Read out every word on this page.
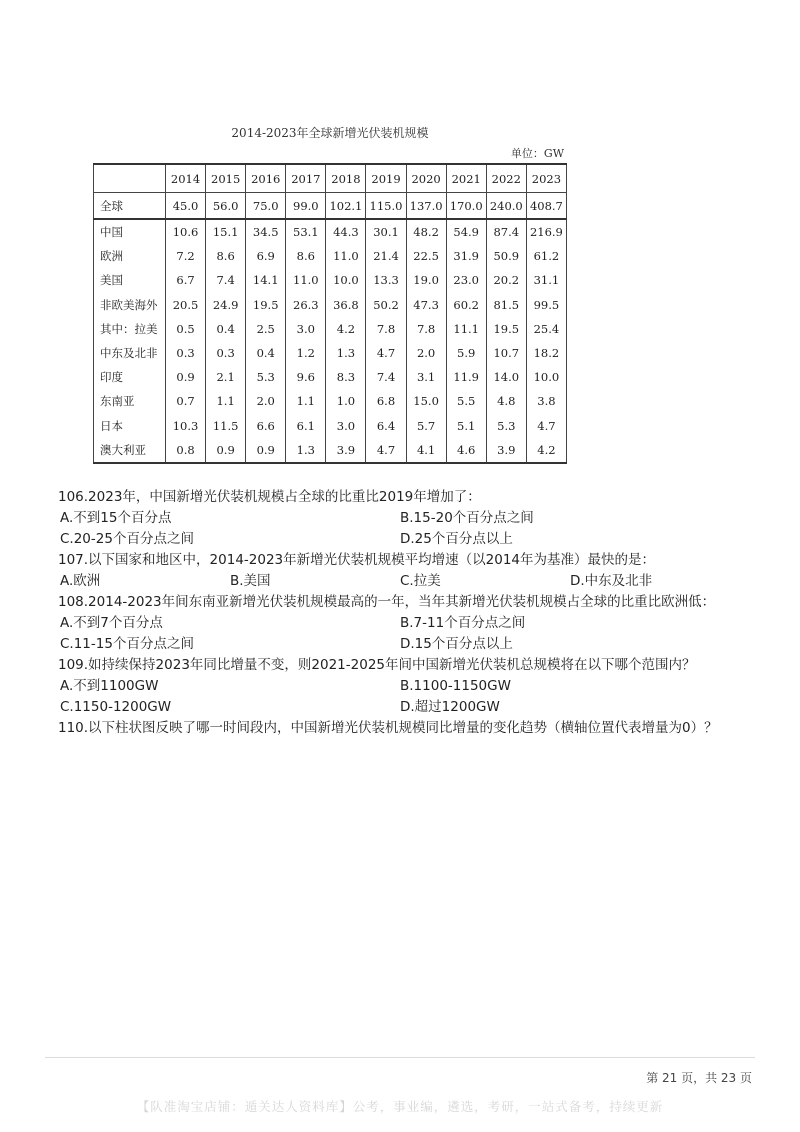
2014-2023年全球新增光伏装机规模
单位：GW
	2014	2015	2016	2017	2018	2019	2020	2021	2022	2023
全球	45.0	56.0	75.0	99.0	102.1	115.0	137.0	170.0	240.0	408.7
中国	10.6	15.1	34.5	53.1	44.3	30.1	48.2	54.9	87.4	216.9
欧洲	7.2	8.6	6.9	8.6	11.0	21.4	22.5	31.9	50.9	61.2
美国	6.7	7.4	14.1	11.0	10.0	13.3	19.0	23.0	20.2	31.1
非欧美海外	20.5	24.9	19.5	26.3	36.8	50.2	47.3	60.2	81.5	99.5
其中：拉美	0.5	0.4	2.5	3.0	4.2	7.8	7.8	11.1	19.5	25.4
中东及北非	0.3	0.3	0.4	1.2	1.3	4.7	2.0	5.9	10.7	18.2
印度	0.9	2.1	5.3	9.6	8.3	7.4	3.1	11.9	14.0	10.0
东南亚	0.7	1.1	2.0	1.1	1.0	6.8	15.0	5.5	4.8	3.8
日本	10.3	11.5	6.6	6.1	3.0	6.4	5.7	5.1	5.3	4.7
澳大利亚	0.8	0.9	0.9	1.3	3.9	4.7	4.1	4.6	3.9	4.2
106.2023年，中国新增光伏装机规模占全球的比重比2019年增加了：
A.不到15个百分点	B.15-20个百分点之间
C.20-25个百分点之间	D.25个百分点以上
107.以下国家和地区中，2014-2023年新增光伏装机规模平均增速（以2014年为基准）最快的是：
A.欧洲	B.美国	C.拉美	D.中东及北非
108.2014-2023年间东南亚新增光伏装机规模最高的一年，当年其新增光伏装机规模占全球的比重比欧洲低：
A.不到7个百分点	B.7-11个百分点之间
C.11-15个百分点之间	D.15个百分点以上
109.如持续保持2023年同比增量不变，则2021-2025年间中国新增光伏装机总规模将在以下哪个范围内？
A.不到1100GW	B.1100-1150GW
C.1150-1200GW	D.超过1200GW
110.以下柱状图反映了哪一时间段内，中国新增光伏装机规模同比增量的变化趋势（横轴位置代表增量为0）？
第 21 页，共 23 页
【队准淘宝店铺：遁关达人资料库】公考，事业编，遴选，考研，一站式备考，持续更新
